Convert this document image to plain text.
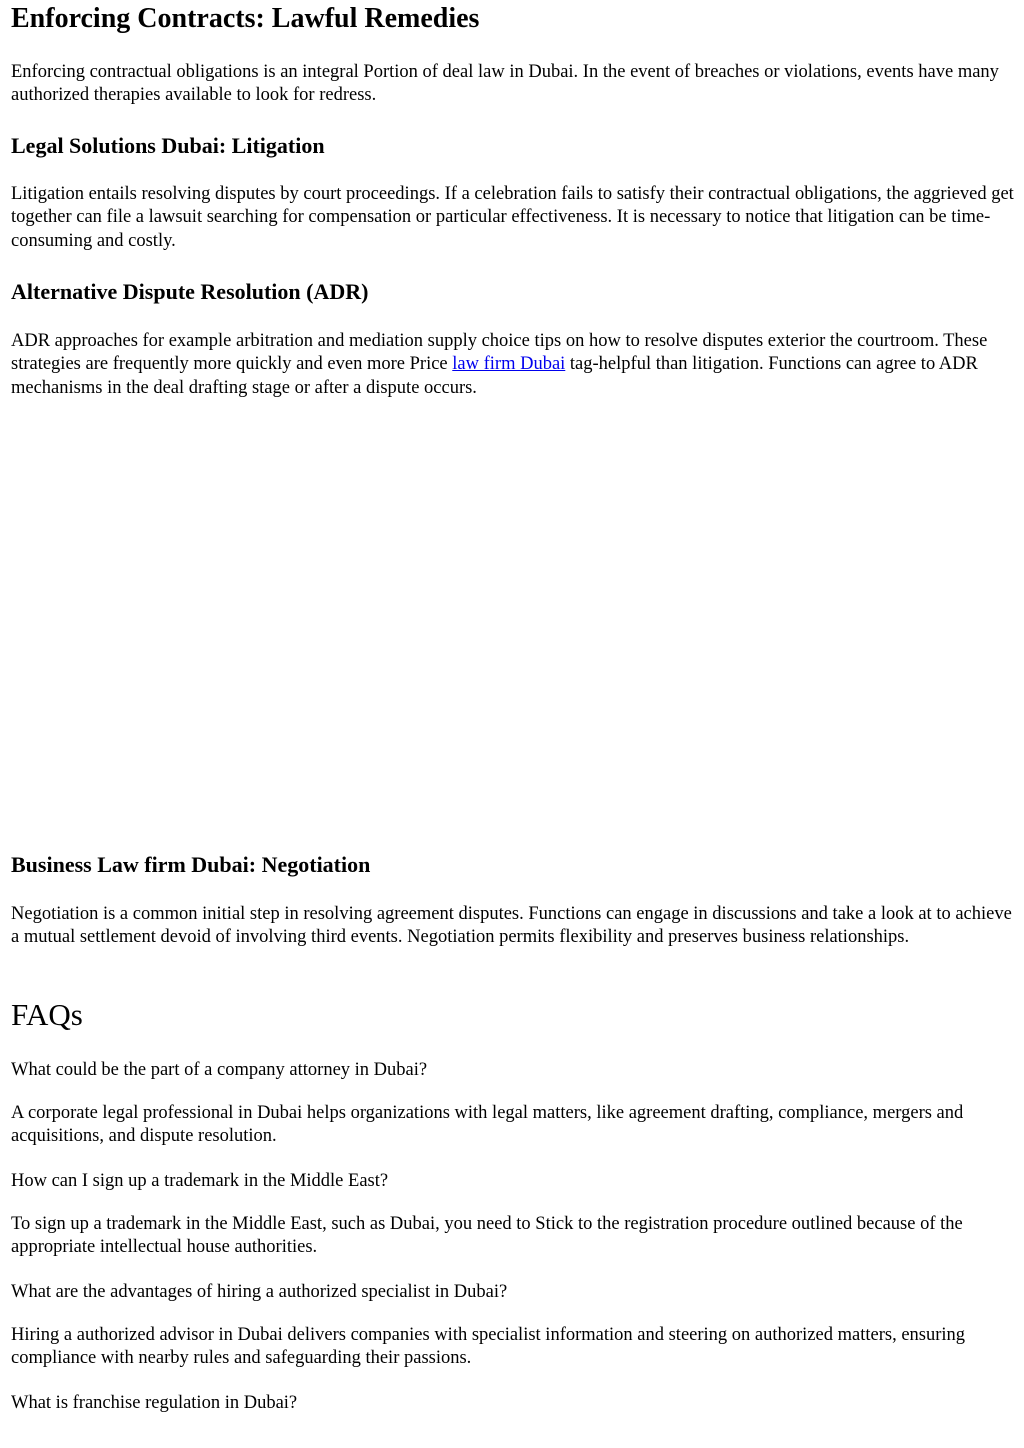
Enforcing Contracts: Lawful Remedies

Enforcing contractual obligations is an integral Portion of deal law in Dubai. In the event of breaches or violations, events have many authorized therapies available to look for redress.

Legal Solutions Dubai: Litigation

Litigation entails resolving disputes by court proceedings. If a celebration fails to satisfy their contractual obligations, the aggrieved get together can file a lawsuit searching for compensation or particular effectiveness. It is necessary to notice that litigation can be time-consuming and costly.

Alternative Dispute Resolution (ADR)

ADR approaches for example arbitration and mediation supply choice tips on how to resolve disputes exterior the courtroom. These strategies are frequently more quickly and even more Price law firm Dubai tag-helpful than litigation. Functions can agree to ADR mechanisms in the deal drafting stage or after a dispute occurs.

Business Law firm Dubai: Negotiation

Negotiation is a common initial step in resolving agreement disputes. Functions can engage in discussions and take a look at to achieve a mutual settlement devoid of involving third events. Negotiation permits flexibility and preserves business relationships.

FAQs

What could be the part of a company attorney in Dubai?

A corporate legal professional in Dubai helps organizations with legal matters, like agreement drafting, compliance, mergers and acquisitions, and dispute resolution.

How can I sign up a trademark in the Middle East?

To sign up a trademark in the Middle East, such as Dubai, you need to Stick to the registration procedure outlined because of the appropriate intellectual house authorities.

What are the advantages of hiring a authorized specialist in Dubai?

Hiring a authorized advisor in Dubai delivers companies with specialist information and steering on authorized matters, ensuring compliance with nearby rules and safeguarding their passions.

What is franchise regulation in Dubai?
